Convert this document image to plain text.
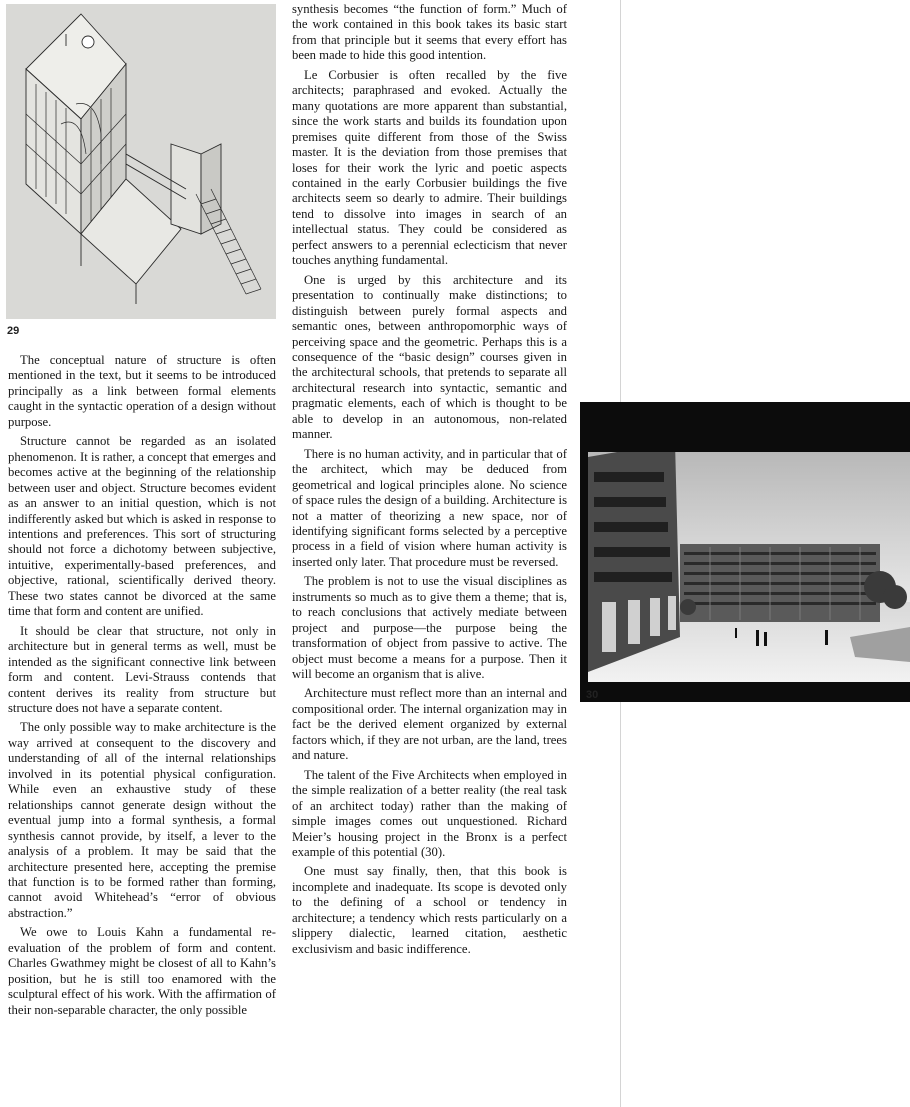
29

The conceptual nature of structure is often mentioned in the text, but it seems to be introduced principally as a link between formal elements caught in the syntactic operation of a design without purpose.

Structure cannot be regarded as an isolated phenomenon. It is rather, a concept that emerges and becomes active at the beginning of the relationship between user and object. Structure becomes evident as an answer to an initial question, which is not indifferently asked but which is asked in response to intentions and preferences. This sort of structuring should not force a dichotomy between subjective, intuitive, experimentally-based preferences, and objective, rational, scientifically derived theory. These two states cannot be divorced at the same time that form and content are unified.

It should be clear that structure, not only in architecture but in general terms as well, must be intended as the significant connective link between form and content. Levi-Strauss contends that content derives its reality from structure but structure does not have a separate content.

The only possible way to make architecture is the way arrived at consequent to the discovery and understanding of all of the internal relationships involved in its potential physical configuration. While even an exhaustive study of these relationships cannot generate design without the eventual jump into a formal synthesis, a formal synthesis cannot provide, by itself, a lever to the analysis of a problem. It may be said that the architecture presented here, accepting the premise that function is to be formed rather than forming, cannot avoid Whitehead’s “error of obvious abstraction.”

We owe to Louis Kahn a fundamental re-evaluation of the problem of form and content. Charles Gwathmey might be closest of all to Kahn’s position, but he is still too enamored with the sculptural effect of his work. With the affirmation of their non-separable character, the only possible

synthesis becomes “the function of form.” Much of the work contained in this book takes its basic start from that principle but it seems that every effort has been made to hide this good intention.

Le Corbusier is often recalled by the five architects; paraphrased and evoked. Actually the many quotations are more apparent than substantial, since the work starts and builds its foundation upon premises quite different from those of the Swiss master. It is the deviation from those premises that loses for their work the lyric and poetic aspects contained in the early Corbusier buildings the five architects seem so dearly to admire. Their buildings tend to dissolve into images in search of an intellectual status. They could be considered as perfect answers to a perennial eclecticism that never touches anything fundamental.

One is urged by this architecture and its presentation to continually make distinctions; to distinguish between purely formal aspects and semantic ones, between anthropomorphic ways of perceiving space and the geometric. Perhaps this is a consequence of the “basic design” courses given in the architectural schools, that pretends to separate all architectural research into syntactic, semantic and pragmatic elements, each of which is thought to be able to develop in an autonomous, non-related manner.

There is no human activity, and in particular that of the architect, which may be deduced from geometrical and logical principles alone. No science of space rules the design of a building. Architecture is not a matter of theorizing a new space, nor of identifying significant forms selected by a perceptive process in a field of vision where human activity is inserted only later. That procedure must be reversed.

The problem is not to use the visual disciplines as instruments so much as to give them a theme; that is, to reach conclusions that actively mediate between project and purpose—the purpose being the transformation of object from passive to active. The object must become a means for a purpose. Then it will become an organism that is alive.

Architecture must reflect more than an internal and compositional order. The internal organization may in fact be the derived element organized by external factors which, if they are not urban, are the land, trees and nature.

The talent of the Five Architects when employed in the simple realization of a better reality (the real task of an architect today) rather than the making of simple images comes out unquestioned. Richard Meier’s housing project in the Bronx is a perfect example of this potential (30).

One must say finally, then, that this book is incomplete and inadequate. Its scope is devoted only to the defining of a school or tendency in architecture; a tendency which rests particularly on a slippery dialectic, learned citation, aesthetic exclusivism and basic indifference.

30
